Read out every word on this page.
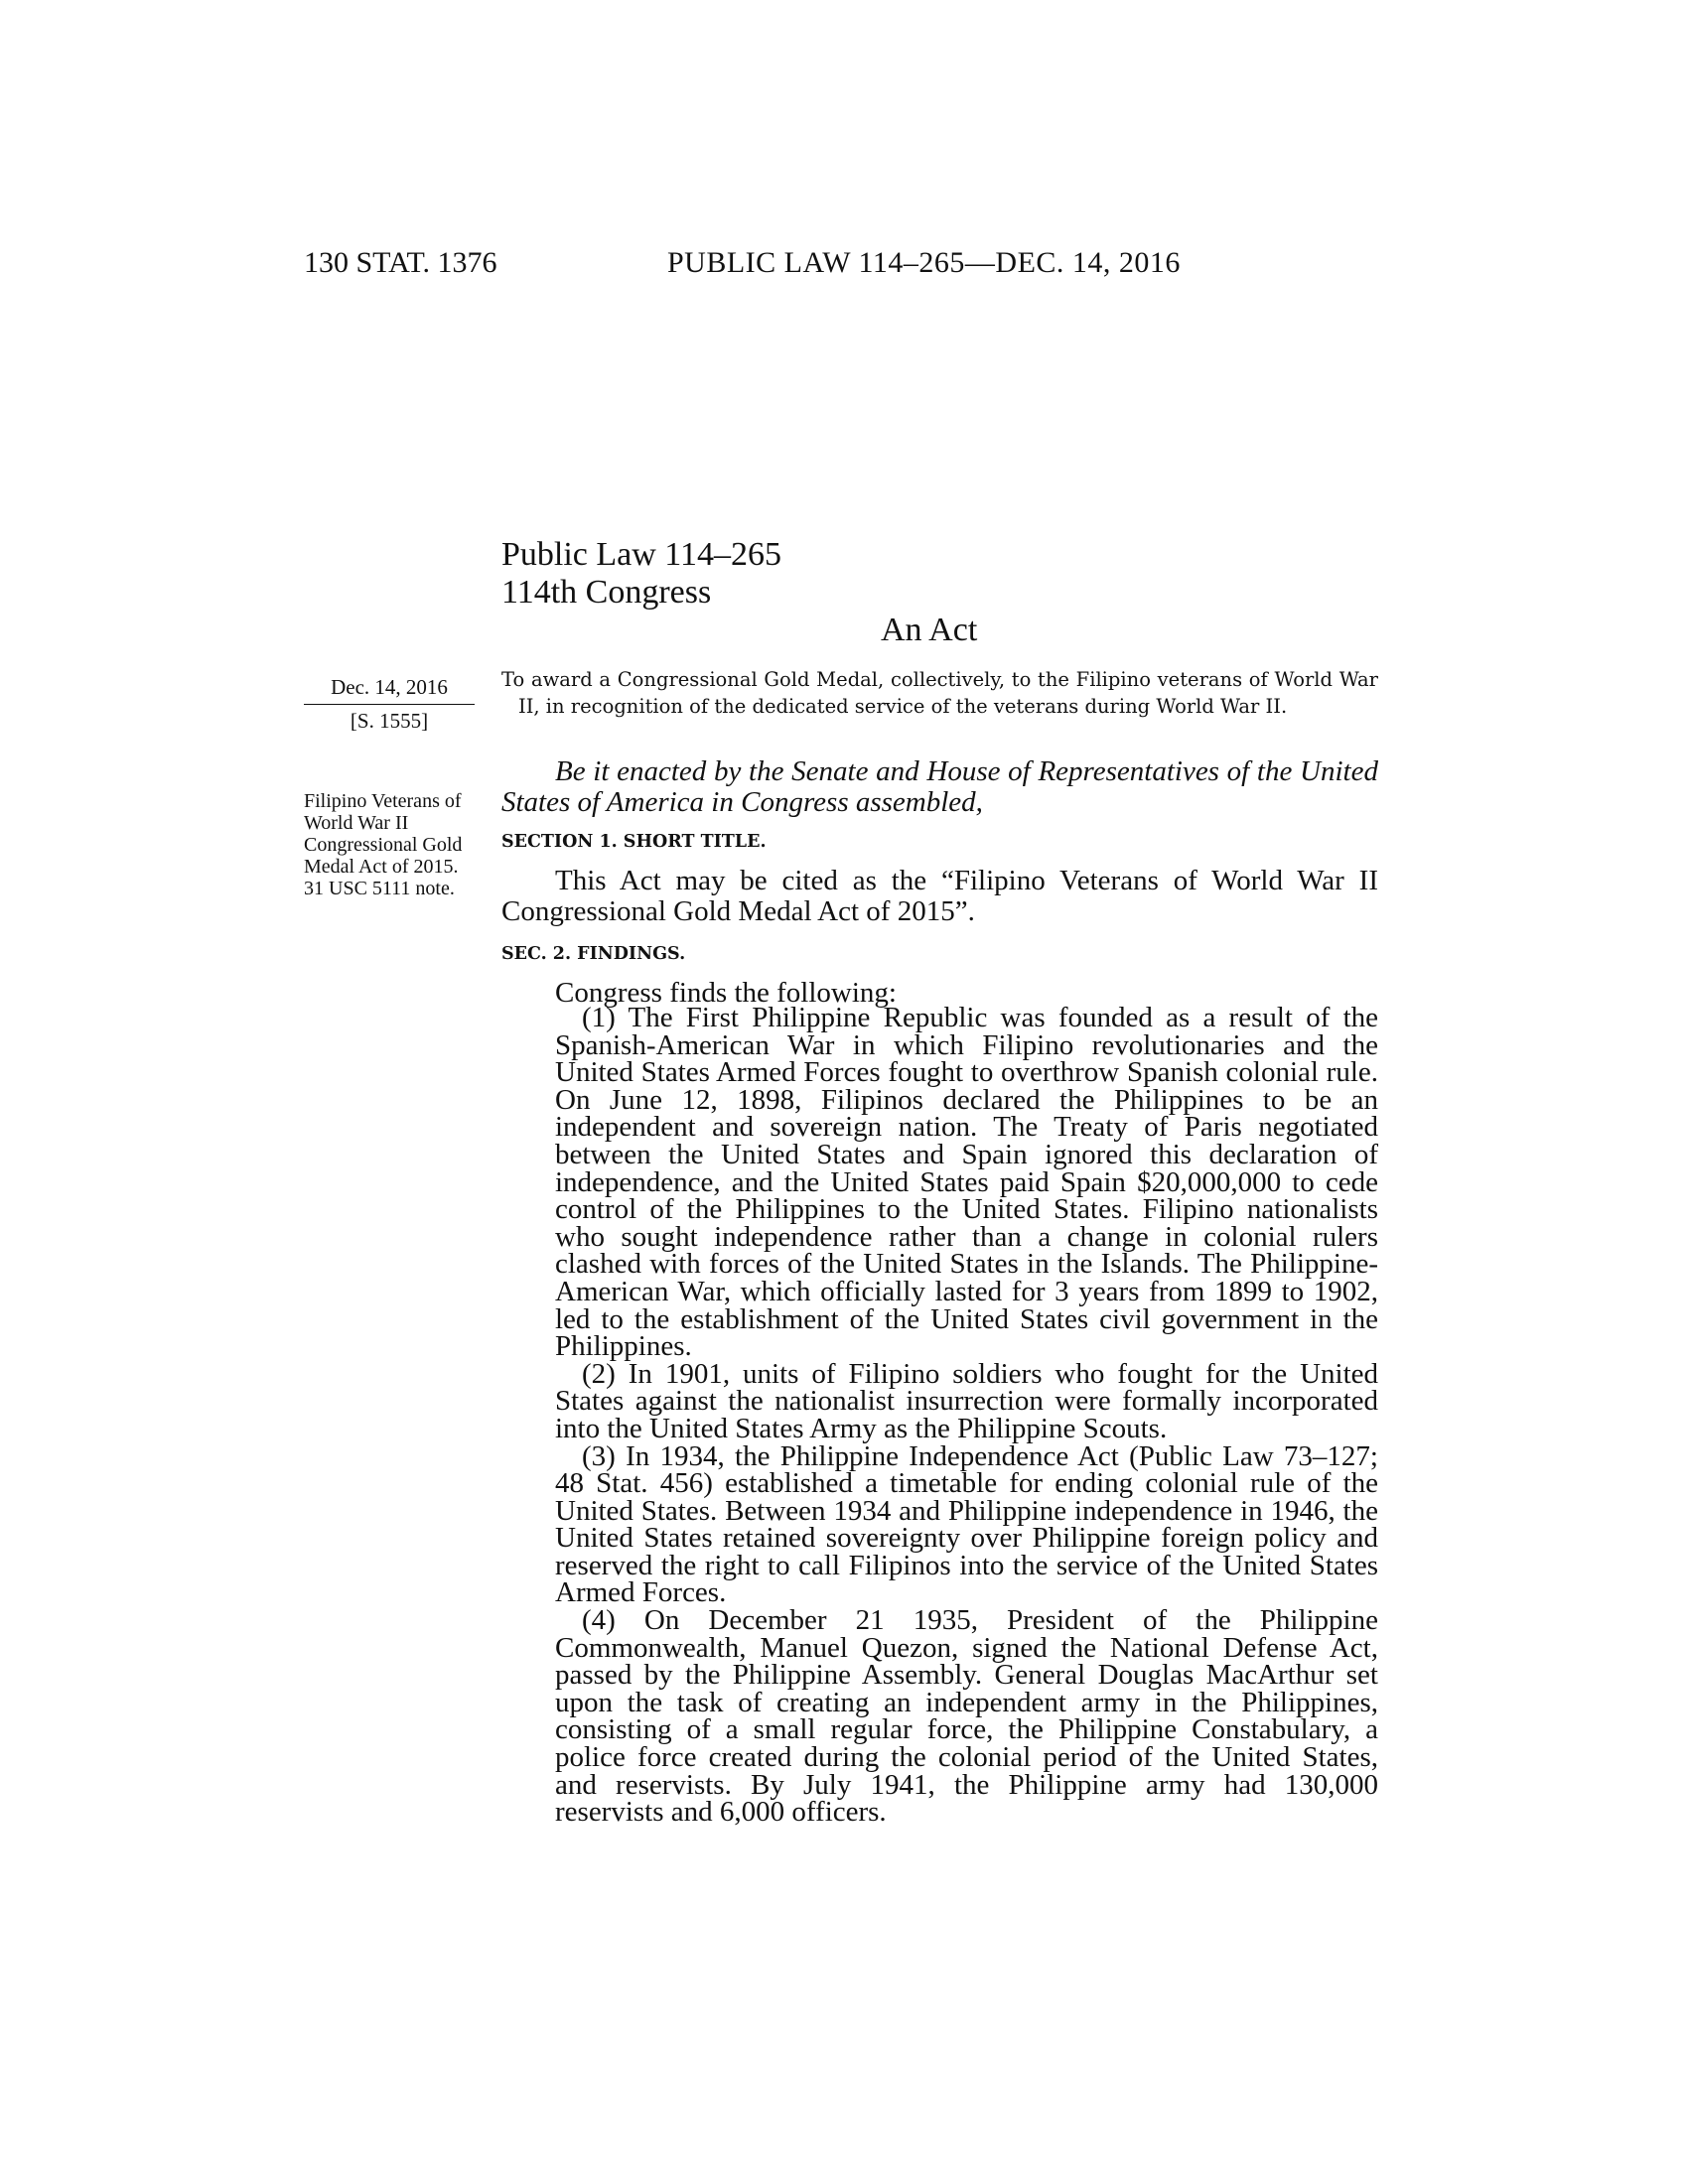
130 STAT. 1376	PUBLIC LAW 114–265—DEC. 14, 2016
Public Law 114–265
114th Congress
An Act
Dec. 14, 2016
[S. 1555]
To award a Congressional Gold Medal, collectively, to the Filipino veterans of World War II, in recognition of the dedicated service of the veterans during World War II.
Be it enacted by the Senate and House of Representatives of the United States of America in Congress assembled,
Filipino Veterans of World War II Congressional Gold Medal Act of 2015.
31 USC 5111 note.
SECTION 1. SHORT TITLE.
This Act may be cited as the “Filipino Veterans of World War II Congressional Gold Medal Act of 2015”.
SEC. 2. FINDINGS.
Congress finds the following:

(1) The First Philippine Republic was founded as a result of the Spanish-American War in which Filipino revolutionaries and the United States Armed Forces fought to overthrow Spanish colonial rule. On June 12, 1898, Filipinos declared the Philippines to be an independent and sovereign nation. The Treaty of Paris negotiated between the United States and Spain ignored this declaration of independence, and the United States paid Spain $20,000,000 to cede control of the Philippines to the United States. Filipino nationalists who sought independence rather than a change in colonial rulers clashed with forces of the United States in the Islands. The Philippine-American War, which officially lasted for 3 years from 1899 to 1902, led to the establishment of the United States civil government in the Philippines.

(2) In 1901, units of Filipino soldiers who fought for the United States against the nationalist insurrection were formally incorporated into the United States Army as the Philippine Scouts.

(3) In 1934, the Philippine Independence Act (Public Law 73–127; 48 Stat. 456) established a timetable for ending colonial rule of the United States. Between 1934 and Philippine independence in 1946, the United States retained sovereignty over Philippine foreign policy and reserved the right to call Filipinos into the service of the United States Armed Forces.

(4) On December 21 1935, President of the Philippine Commonwealth, Manuel Quezon, signed the National Defense Act, passed by the Philippine Assembly. General Douglas MacArthur set upon the task of creating an independent army in the Philippines, consisting of a small regular force, the Philippine Constabulary, a police force created during the colonial period of the United States, and reservists. By July 1941, the Philippine army had 130,000 reservists and 6,000 officers.
